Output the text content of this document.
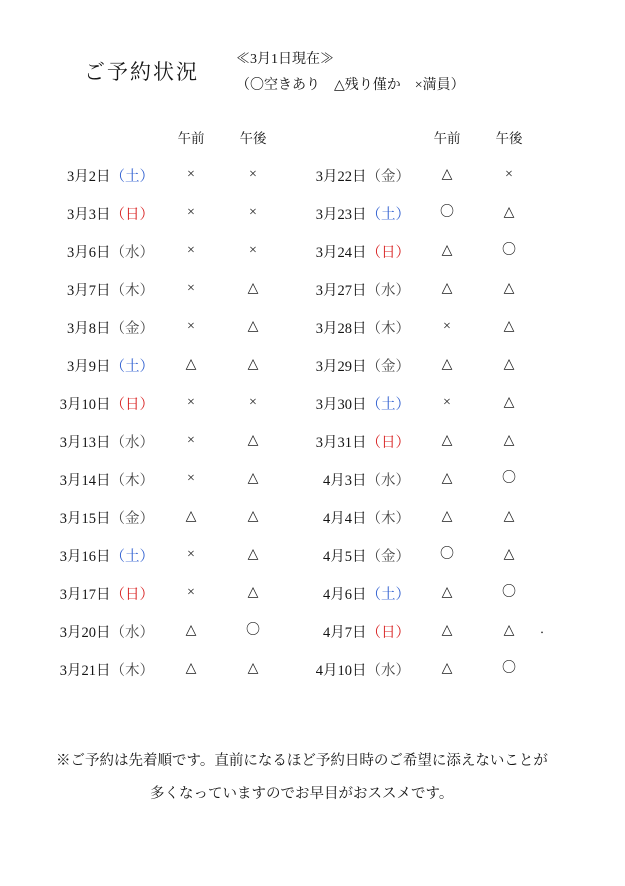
ご予約状況
≪3月1日現在≫
（〇空きあり　△残り僅か　×満員）
	午前	午後
3月2日（土）	×	×
3月3日（日）	×	×
3月6日（水）	×	×
3月7日（木）	×	△
3月8日（金）	×	△
3月9日（土）	△	△
3月10日（日）	×	×
3月13日（水）	×	△
3月14日（木）	×	△
3月15日（金）	△	△
3月16日（土）	×	△
3月17日（日）	×	△
3月20日（水）	△	〇
3月21日（木）	△	△
	午前	午後
3月22日（金）	△	×
3月23日（土）	〇	△
3月24日（日）	△	〇
3月27日（水）	△	△
3月28日（木）	×	△
3月29日（金）	△	△
3月30日（土）	×	△
3月31日（日）	△	△
4月3日（水）	△	〇
4月4日（木）	△	△
4月5日（金）	〇	△
4月6日（土）	△	〇
4月7日（日）	△	△
4月10日（水）	△	〇
．
※ご予約は先着順です。直前になるほど予約日時のご希望に添えないことが
多くなっていますのでお早目がおススメです。
